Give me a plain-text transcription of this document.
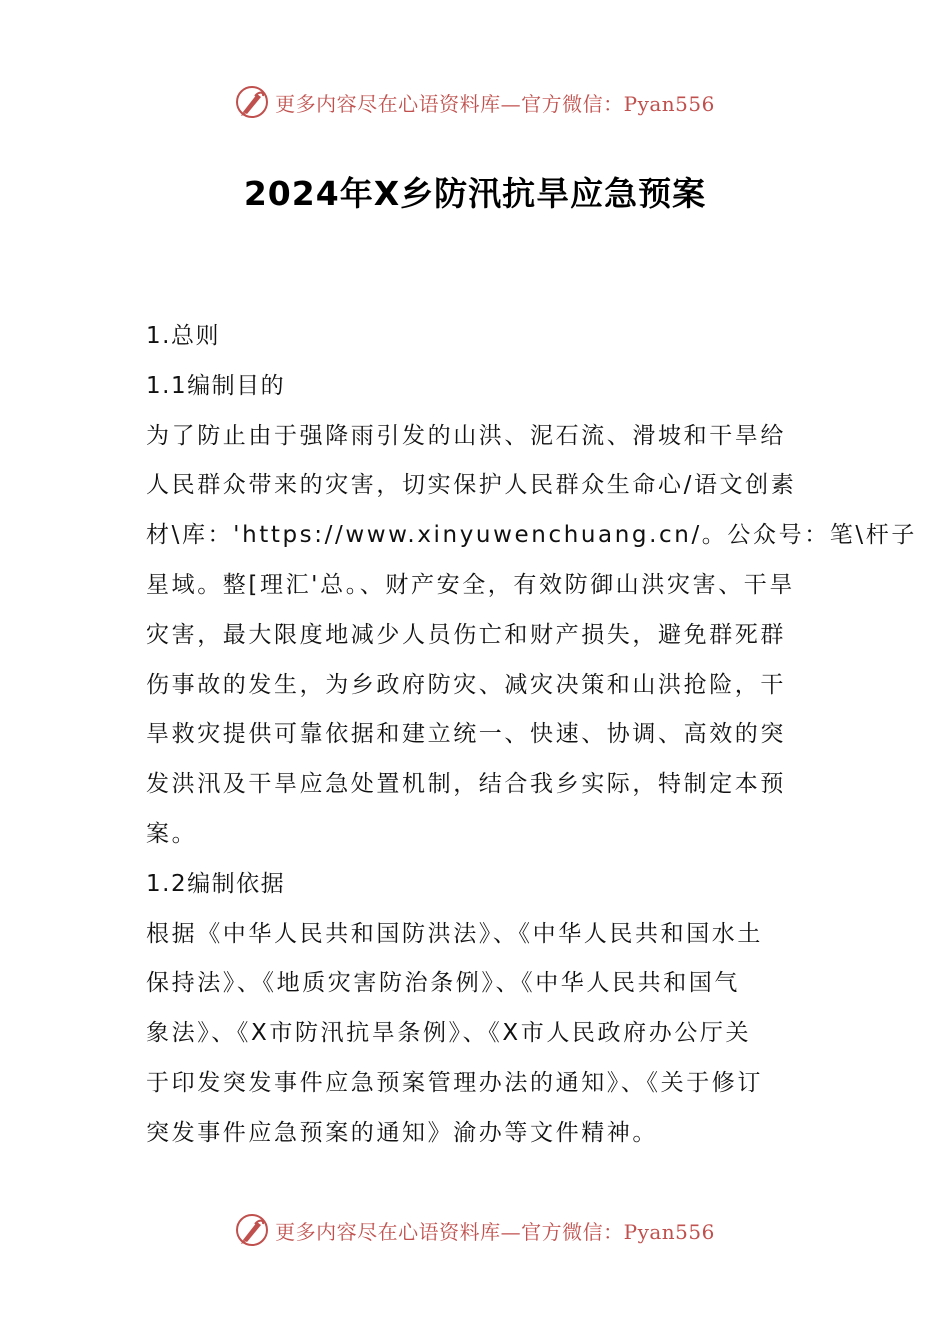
更多内容尽在心语资料库—官方微信：Pyan556
2024年X乡防汛抗旱应急预案
1.总则
1.1编制目的
为了防止由于强降雨引发的山洪、泥石流、滑坡和干旱给
人民群众带来的灾害，切实保护人民群众生命心/语文创素
材\库：'https://www.xinyuwenchuang.cn/。公众号：笔\杆子
星域。整[理汇'总。、财产安全，有效防御山洪灾害、干旱
灾害，最大限度地减少人员伤亡和财产损失，避免群死群
伤事故的发生，为乡政府防灾、减灾决策和山洪抢险，干
旱救灾提供可靠依据和建立统一、快速、协调、高效的突
发洪汛及干旱应急处置机制，结合我乡实际，特制定本预
案。
1.2编制依据
根据《中华人民共和国防洪法》、《中华人民共和国水土
保持法》、《地质灾害防治条例》、《中华人民共和国气
象法》、《X市防汛抗旱条例》、《X市人民政府办公厅关
于印发突发事件应急预案管理办法的通知》、《关于修订
突发事件应急预案的通知》渝办等文件精神。
更多内容尽在心语资料库—官方微信：Pyan556
